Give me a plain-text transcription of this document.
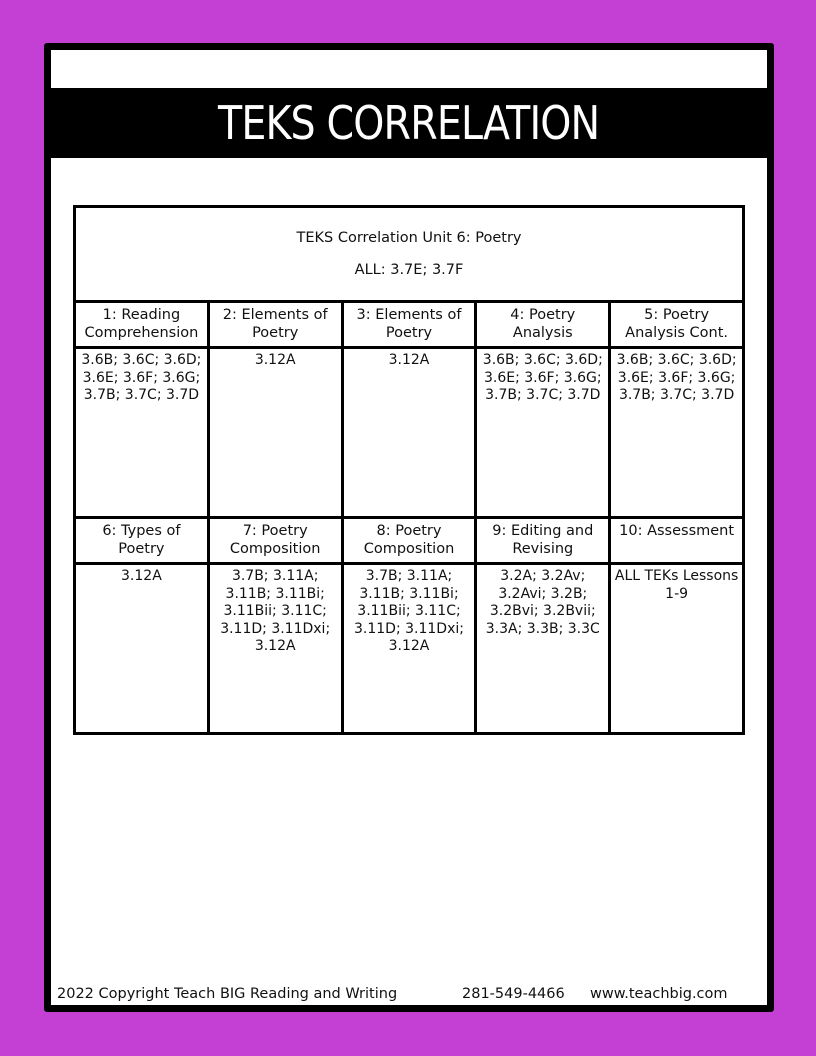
TEKS CORRELATION
TEKS Correlation Unit 6: Poetry
ALL: 3.7E; 3.7F				

1: Reading Comprehension	2: Elements of Poetry	3: Elements of Poetry	4: Poetry Analysis	5: Poetry Analysis Cont.
3.6B; 3.6C; 3.6D; 3.6E; 3.6F; 3.6G; 3.7B; 3.7C; 3.7D	3.12A	3.12A	3.6B; 3.6C; 3.6D; 3.6E; 3.6F; 3.6G; 3.7B; 3.7C; 3.7D	3.6B; 3.6C; 3.6D; 3.6E; 3.6F; 3.6G; 3.7B; 3.7C; 3.7D
6: Types of Poetry	7: Poetry Composition	8: Poetry Composition	9: Editing and Revising	10: Assessment
3.12A	3.7B; 3.11A; 3.11B; 3.11Bi; 3.11Bii; 3.11C; 3.11D; 3.11Dxi; 3.12A	3.7B; 3.11A; 3.11B; 3.11Bi; 3.11Bii; 3.11C; 3.11D; 3.11Dxi; 3.12A	3.2A; 3.2Av; 3.2Avi; 3.2B; 3.2Bvi; 3.2Bvii; 3.3A; 3.3B; 3.3C	ALL TEKs Lessons 1-9
2022 Copyright Teach BIG Reading and Writing	281-549-4466 www.teachbig.com
